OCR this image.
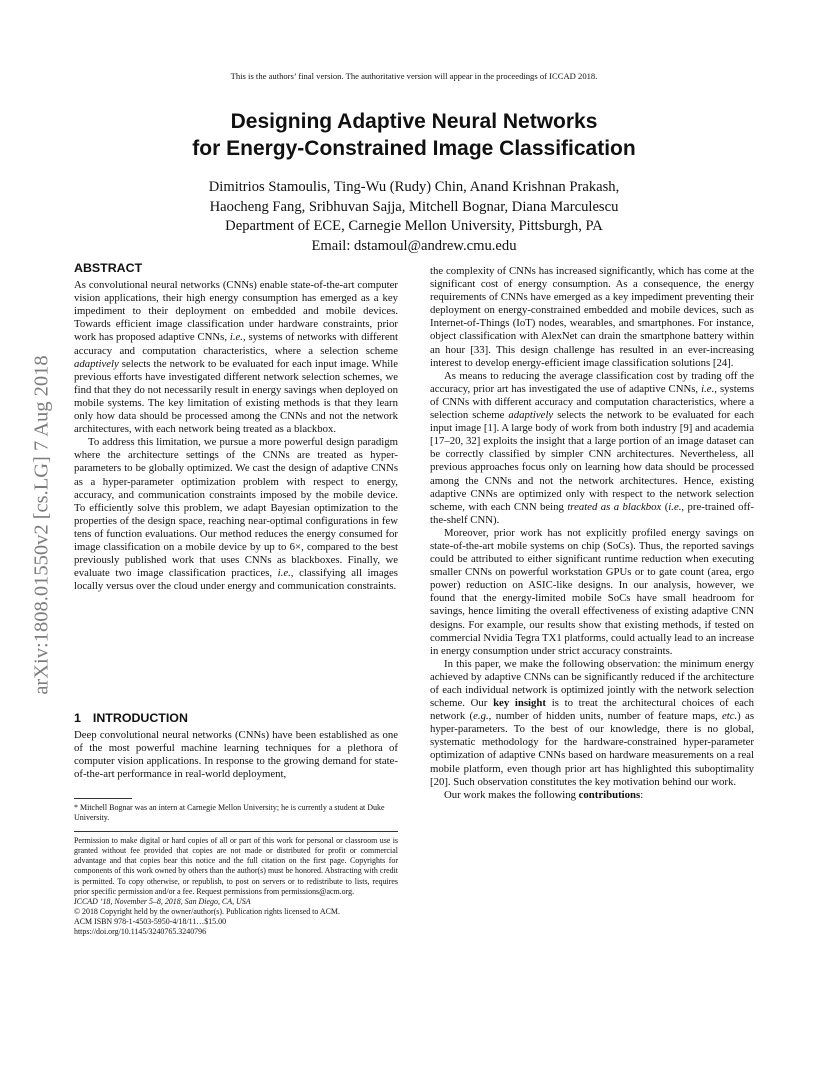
This is the authors’ final version. The authoritative version will appear in the proceedings of ICCAD 2018.
Designing Adaptive Neural Networks
for Energy-Constrained Image Classification
Dimitrios Stamoulis, Ting-Wu (Rudy) Chin, Anand Krishnan Prakash,
Haocheng Fang, Sribhuvan Sajja, Mitchell Bognar, Diana Marculescu
Department of ECE, Carnegie Mellon University, Pittsburgh, PA
Email: dstamoul@andrew.cmu.edu
arXiv:1808.01550v2 [cs.LG] 7 Aug 2018
ABSTRACT

As convolutional neural networks (CNNs) enable state-of-the-art computer vision applications, their high energy consumption has emerged as a key impediment to their deployment on embedded and mobile devices. Towards efficient image classification under hardware constraints, prior work has proposed adaptive CNNs, i.e., systems of networks with different accuracy and computation characteristics, where a selection scheme adaptively selects the network to be evaluated for each input image. While previous efforts have investigated different network selection schemes, we find that they do not necessarily result in energy savings when deployed on mobile systems. The key limitation of existing methods is that they learn only how data should be processed among the CNNs and not the network architectures, with each network being treated as a blackbox.

To address this limitation, we pursue a more powerful design paradigm where the architecture settings of the CNNs are treated as hyper-parameters to be globally optimized. We cast the design of adaptive CNNs as a hyper-parameter optimization problem with respect to energy, accuracy, and communication constraints imposed by the mobile device. To efficiently solve this problem, we adapt Bayesian optimization to the properties of the design space, reaching near-optimal configurations in few tens of function evaluations. Our method reduces the energy consumed for image classification on a mobile device by up to 6×, compared to the best previously published work that uses CNNs as blackboxes. Finally, we evaluate two image classification practices, i.e., classifying all images locally versus over the cloud under energy and communication constraints.

1 INTRODUCTION

Deep convolutional neural networks (CNNs) have been established as one of the most powerful machine learning techniques for a plethora of computer vision applications. In response to the growing demand for state-of-the-art performance in real-world deployment,

* Mitchell Bognar was an intern at Carnegie Mellon University; he is currently a student at Duke University.

Permission to make digital or hard copies of all or part of this work for personal or classroom use is granted without fee provided that copies are not made or distributed for profit or commercial advantage and that copies bear this notice and the full citation on the first page. Copyrights for components of this work owned by others than the author(s) must be honored. Abstracting with credit is permitted. To copy otherwise, or republish, to post on servers or to redistribute to lists, requires prior specific permission and/or a fee. Request permissions from permissions@acm.org.

ICCAD ’18, November 5–8, 2018, San Diego, CA, USA

© 2018 Copyright held by the owner/author(s). Publication rights licensed to ACM.

ACM ISBN 978-1-4503-5950-4/18/11…$15.00

https://doi.org/10.1145/3240765.3240796

the complexity of CNNs has increased significantly, which has come at the significant cost of energy consumption. As a consequence, the energy requirements of CNNs have emerged as a key impediment preventing their deployment on energy-constrained embedded and mobile devices, such as Internet-of-Things (IoT) nodes, wearables, and smartphones. For instance, object classification with AlexNet can drain the smartphone battery within an hour [33]. This design challenge has resulted in an ever-increasing interest to develop energy-efficient image classification solutions [24].

As means to reducing the average classification cost by trading off the accuracy, prior art has investigated the use of adaptive CNNs, i.e., systems of CNNs with different accuracy and computation characteristics, where a selection scheme adaptively selects the network to be evaluated for each input image [1]. A large body of work from both industry [9] and academia [17–20, 32] exploits the insight that a large portion of an image dataset can be correctly classified by simpler CNN architectures. Nevertheless, all previous approaches focus only on learning how data should be processed among the CNNs and not the network architectures. Hence, existing adaptive CNNs are optimized only with respect to the network selection scheme, with each CNN being treated as a blackbox (i.e., pre-trained off-the-shelf CNN).

Moreover, prior work has not explicitly profiled energy savings on state-of-the-art mobile systems on chip (SoCs). Thus, the reported savings could be attributed to either significant runtime reduction when executing smaller CNNs on powerful workstation GPUs or to gate count (area, ergo power) reduction on ASIC-like designs. In our analysis, however, we found that the energy-limited mobile SoCs have small headroom for savings, hence limiting the overall effectiveness of existing adaptive CNN designs. For example, our results show that existing methods, if tested on commercial Nvidia Tegra TX1 platforms, could actually lead to an increase in energy consumption under strict accuracy constraints.

In this paper, we make the following observation: the minimum energy achieved by adaptive CNNs can be significantly reduced if the architecture of each individual network is optimized jointly with the network selection scheme. Our key insight is to treat the architectural choices of each network (e.g., number of hidden units, number of feature maps, etc.) as hyper-parameters. To the best of our knowledge, there is no global, systematic methodology for the hardware-constrained hyper-parameter optimization of adaptive CNNs based on hardware measurements on a real mobile platform, even though prior art has highlighted this suboptimality [20]. Such observation constitutes the key motivation behind our work.

Our work makes the following contributions:
